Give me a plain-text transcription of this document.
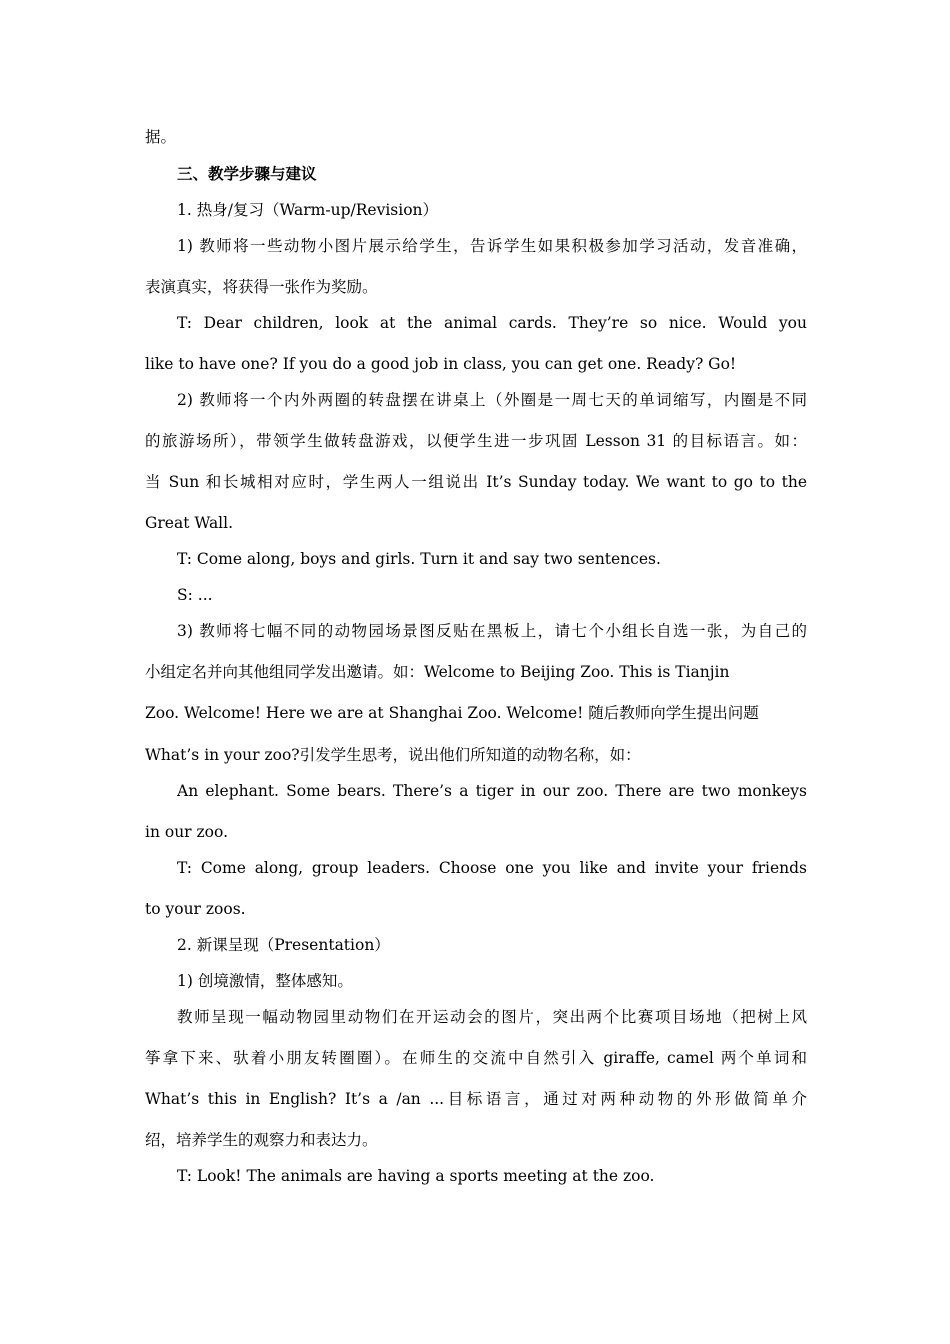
据。
三、教学步骤与建议
1. 热身/复习（Warm-up/Revision）
1) 教师将一些动物小图片展示给学生，告诉学生如果积极参加学习活动，发音准确，
表演真实，将获得一张作为奖励。
T: Dear children, look at the animal cards. They’re so nice. Would you
like to have one? If you do a good job in class, you can get one. Ready? Go!
2) 教师将一个内外两圈的转盘摆在讲桌上（外圈是一周七天的单词缩写，内圈是不同
的旅游场所），带领学生做转盘游戏，以便学生进一步巩固 Lesson 31 的目标语言。如：
当 Sun 和长城相对应时，学生两人一组说出 It’s Sunday today. We want to go to the
Great Wall.
T: Come along, boys and girls. Turn it and say two sentences.
S: ...
3) 教师将七幅不同的动物园场景图反贴在黑板上，请七个小组长自选一张，为自己的
小组定名并向其他组同学发出邀请。如：Welcome to Beijing Zoo. This is Tianjin
Zoo. Welcome! Here we are at Shanghai Zoo. Welcome! 随后教师向学生提出问题
What’s in your zoo?引发学生思考，说出他们所知道的动物名称，如：
An elephant. Some bears. There’s a tiger in our zoo. There are two monkeys
in our zoo.
T: Come along, group leaders. Choose one you like and invite your friends
to your zoos.
2. 新课呈现（Presentation）
1) 创境激情，整体感知。
教师呈现一幅动物园里动物们在开运动会的图片，突出两个比赛项目场地（把树上风
筝拿下来、驮着小朋友转圈圈）。在师生的交流中自然引入 giraffe, camel 两个单词和
What’s this in English? It’s a /an ...目标语言，通过对两种动物的外形做简单介
绍，培养学生的观察力和表达力。
T: Look! The animals are having a sports meeting at the zoo.
